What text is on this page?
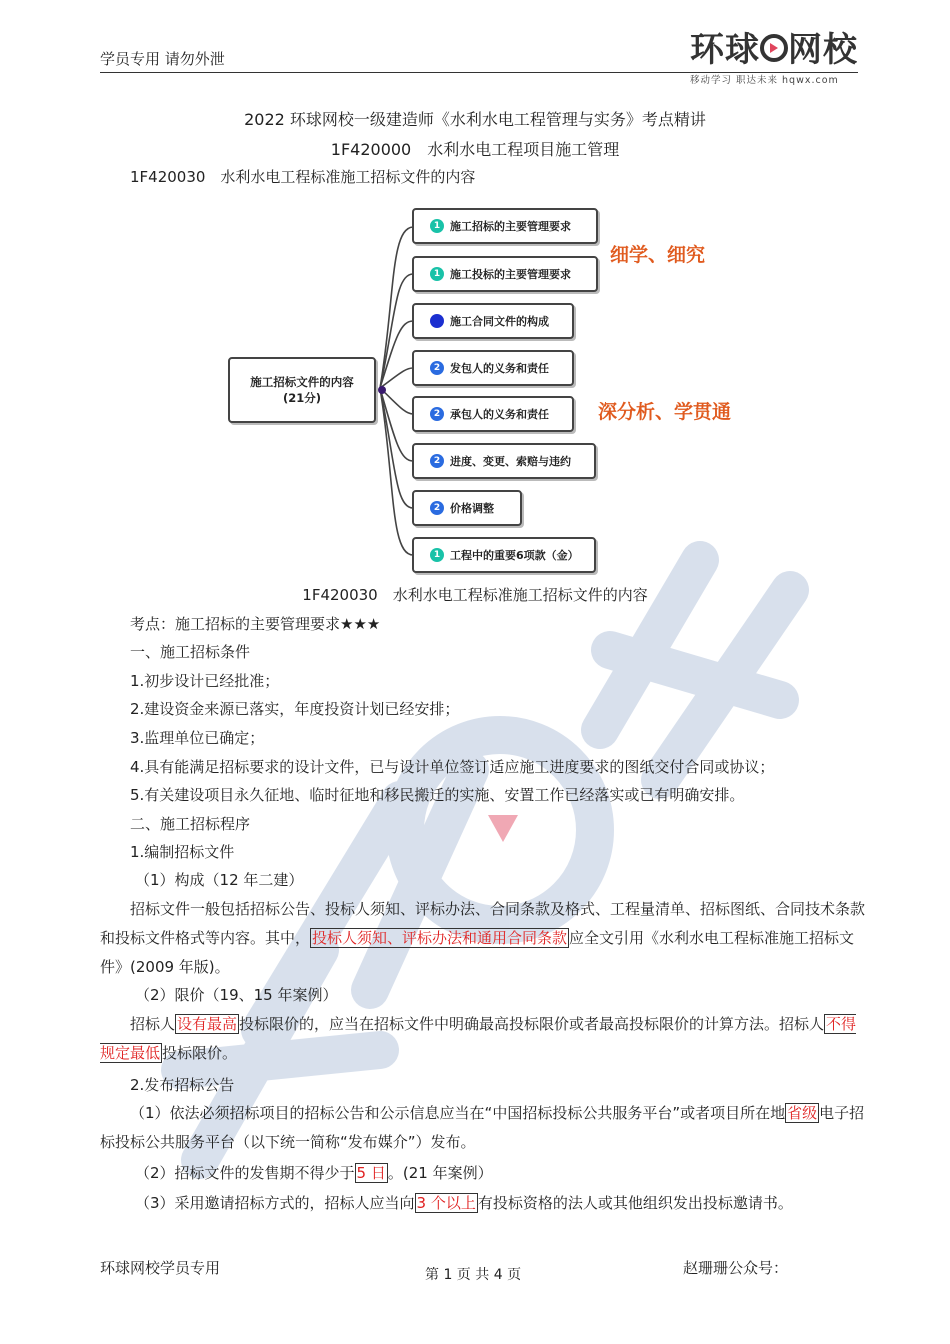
学员专用 请勿外泄	环球 网校
移动学习 职达未来 hqwx.com
2022 环球网校一级建造师《水利水电工程管理与实务》考点精讲
1F420000　水利水电工程项目施工管理
1F420030　水利水电工程标准施工招标文件的内容
施工招标文件的内容
(21分)
1 施工招标的主要管理要求
1 施工投标的主要管理要求
施工合同文件的构成
2 发包人的义务和责任
2 承包人的义务和责任
2 进度、变更、索赔与违约
2 价格调整
1 工程中的重要6项款（金）
细学、细究
深分析、学贯通
1F420030　水利水电工程标准施工招标文件的内容
考点：施工招标的主要管理要求★★★
一、施工招标条件
1.初步设计已经批准；
2.建设资金来源已落实，年度投资计划已经安排；
3.监理单位已确定；
4.具有能满足招标要求的设计文件，已与设计单位签订适应施工进度要求的图纸交付合同或协议；
5.有关建设项目永久征地、临时征地和移民搬迁的实施、安置工作已经落实或已有明确安排。
二、施工招标程序
1.编制招标文件
（1）构成（12 年二建）
招标文件一般包括招标公告、投标人须知、评标办法、合同条款及格式、工程量清单、招标图纸、合同技术条款和投标文件格式等内容。其中， 投标人须知、评标办法和通用合同条款 应全文引用《水利水电工程标准施工招标文件》(2009 年版)。
（2）限价（19、15 年案例）
招标人 设有最高 投标限价的，应当在招标文件中明确最高投标限价或者最高投标限价的计算方法。招标人 不得规定最低 投标限价。
2.发布招标公告
（1）依法必须招标项目的招标公告和公示信息应当在“中国招标投标公共服务平台”或者项目所在地 省级 电子招标投标公共服务平台（以下统一简称“发布媒介”）发布。
（2）招标文件的发售期不得少于 5 日 。(21 年案例）
（3）采用邀请招标方式的，招标人应当向 3 个以上 有投标资格的法人或其他组织发出投标邀请书。
环球网校学员专用	第 1 页 共 4 页	赵珊珊公众号：
